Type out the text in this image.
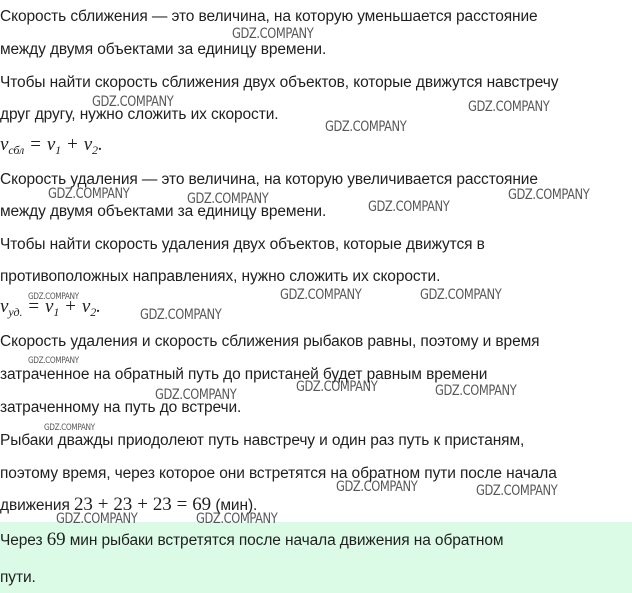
Скорость сближения — это величина, на которую уменьшается расстояние
между двумя объектами за единицу времени.
Чтобы найти скорость сближения двух объектов, которые движутся навстречу
друг другу, нужно сложить их скорости.
$v_{сбл} = v_1 + v_2$.
Скорость удаления — это величина, на которую увеличивается расстояние
между двумя объектами за единицу времени.
Чтобы найти скорость удаления двух объектов, которые движутся в
противоположных направлениях, нужно сложить их скорости.
$v_{уд.} = v_1 + v_2$.
Скорость удаления и скорость сближения рыбаков равны, поэтому и время
затраченное на обратный путь до пристаней будет равным времени
затраченному на путь до встречи.
Рыбаки дважды приодолеют путь навстречу и один раз путь к пристаням,
поэтому время, через которое они встретятся на обратном пути после начала
движения 23 + 23 + 23 = 69 (мин).
Через 69 мин рыбаки встретятся после начала движения на обратном
пути.
GDZ.COMPANY
GDZ.COMPANY	GDZ.COMPANY
GDZ.COMPANY
GDZ.COMPANY	GDZ.COMPANY	GDZ.COMPANY
GDZ.COMPANY
GDZ.COMPANY	GDZ.COMPANY	GDZ.COMPANY
GDZ.COMPANY
GDZ.COMPANY
GDZ.COMPANY	GDZ.COMPANY
GDZ.COMPANY
GDZ.COMPANY
GDZ.COMPANY	GDZ.COMPANY
GDZ.COMPANY	GDZ.COMPANY
